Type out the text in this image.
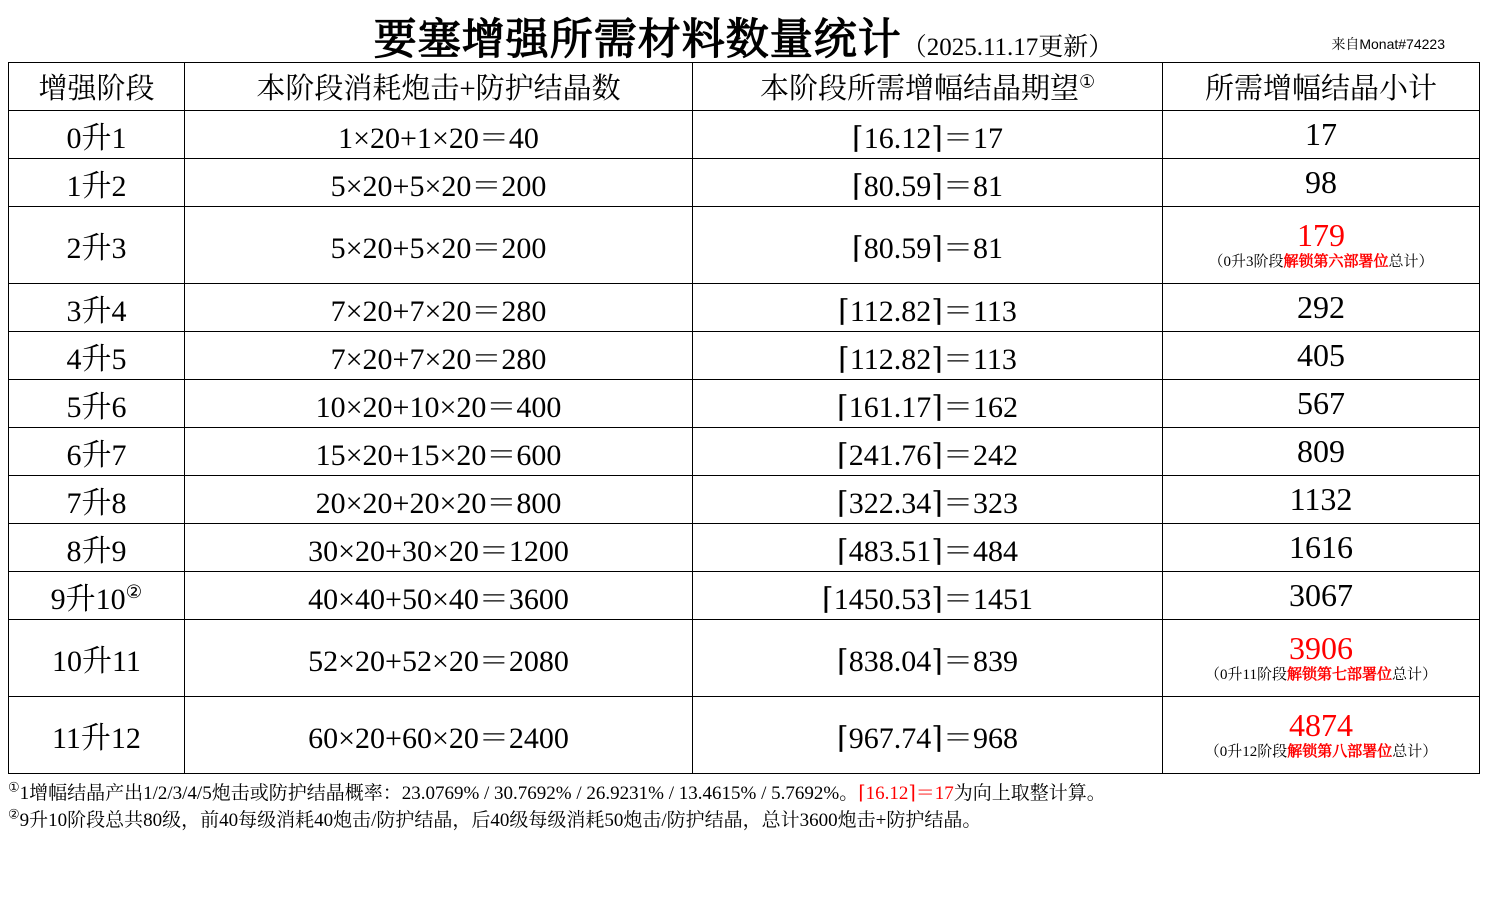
要塞增强所需材料数量统计 （2025.11.17更新）	来自Monat#74223
增强阶段	本阶段消耗炮击+防护结晶数	本阶段所需增幅结晶期望①	所需增幅结晶小计
0升1	1×20+1×20＝40	⌈16.12⌉＝17	17

1升2	5×20+5×20＝200	⌈80.59⌉＝81	98

2升3	5×20+5×20＝200	⌈80.59⌉＝81	179
（0升3阶段解锁第六部署位总计）

3升4	7×20+7×20＝280	⌈112.82⌉＝113	292

4升5	7×20+7×20＝280	⌈112.82⌉＝113	405

5升6	10×20+10×20＝400	⌈161.17⌉＝162	567

6升7	15×20+15×20＝600	⌈241.76⌉＝242	809

7升8	20×20+20×20＝800	⌈322.34⌉＝323	1132

8升9	30×20+30×20＝1200	⌈483.51⌉＝484	1616

9升10②	40×40+50×40＝3600	⌈1450.53⌉＝1451	3067

10升11	52×20+52×20＝2080	⌈838.04⌉＝839	3906
（0升11阶段解锁第七部署位总计）

11升12	60×20+60×20＝2400	⌈967.74⌉＝968	4874
（0升12阶段解锁第八部署位总计）
①1增幅结晶产出1/2/3/4/5炮击或防护结晶概率：23.0769% / 30.7692% / 26.9231% / 13.4615% / 5.7692%。⌈16.12⌉＝17为向上取整计算。
②9升10阶段总共80级，前40每级消耗40炮击/防护结晶，后40级每级消耗50炮击/防护结晶，总计3600炮击+防护结晶。
